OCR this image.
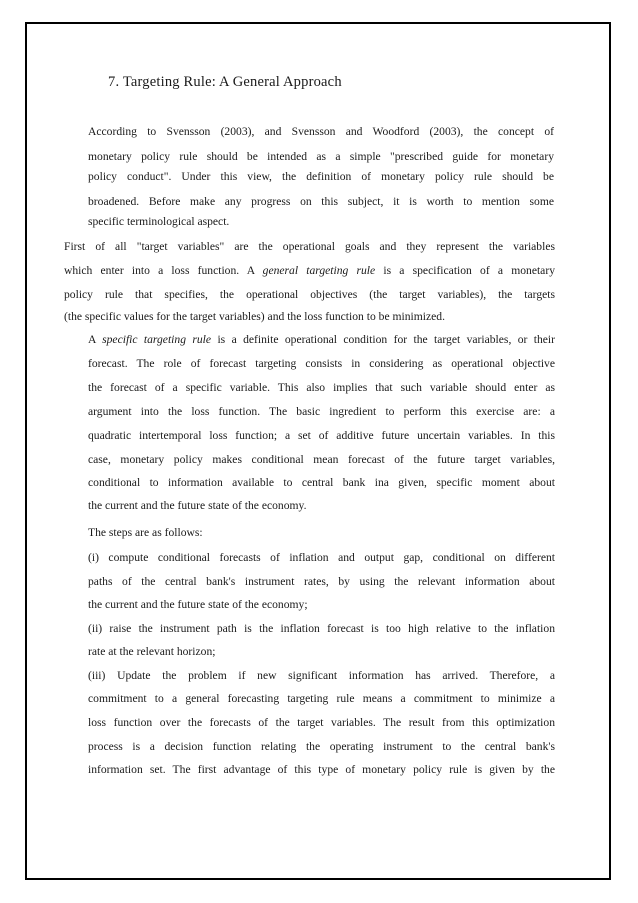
7. Targeting Rule: A General Approach
According to Svensson (2003), and Svensson and Woodford (2003), the concept of
monetary policy rule should be intended as a simple "prescribed guide for monetary
policy conduct". Under this view, the definition of monetary policy rule should be
broadened. Before make any progress on this subject, it is worth to mention some
specific terminological aspect.
First of all "target variables" are the operational goals and they represent the variables
which enter into a loss function. A general targeting rule is a specification of a monetary
policy rule that specifies, the operational objectives (the target variables), the targets
(the specific values for the target variables) and the loss function to be minimized.
A specific targeting rule is a definite operational condition for the target variables, or their
forecast. The role of forecast targeting consists in considering as operational objective
the forecast of a specific variable. This also implies that such variable should enter as
argument into the loss function. The basic ingredient to perform this exercise are: a
quadratic intertemporal loss function; a set of additive future uncertain variables. In this
case, monetary policy makes conditional mean forecast of the future target variables,
conditional to information available to central bank ina given, specific moment about
the current and the future state of the economy.
The steps are as follows:
(i) compute conditional forecasts of inflation and output gap, conditional on different
paths of the central bank's instrument rates, by using the relevant information about
the current and the future state of the economy;
(ii) raise the instrument path is the inflation forecast is too high relative to the inflation
rate at the relevant horizon;
(iii) Update the problem if new significant information has arrived. Therefore, a
commitment to a general forecasting targeting rule means a commitment to minimize a
loss function over the forecasts of the target variables. The result from this optimization
process is a decision function relating the operating instrument to the central bank's
information set. The first advantage of this type of monetary policy rule is given by the
